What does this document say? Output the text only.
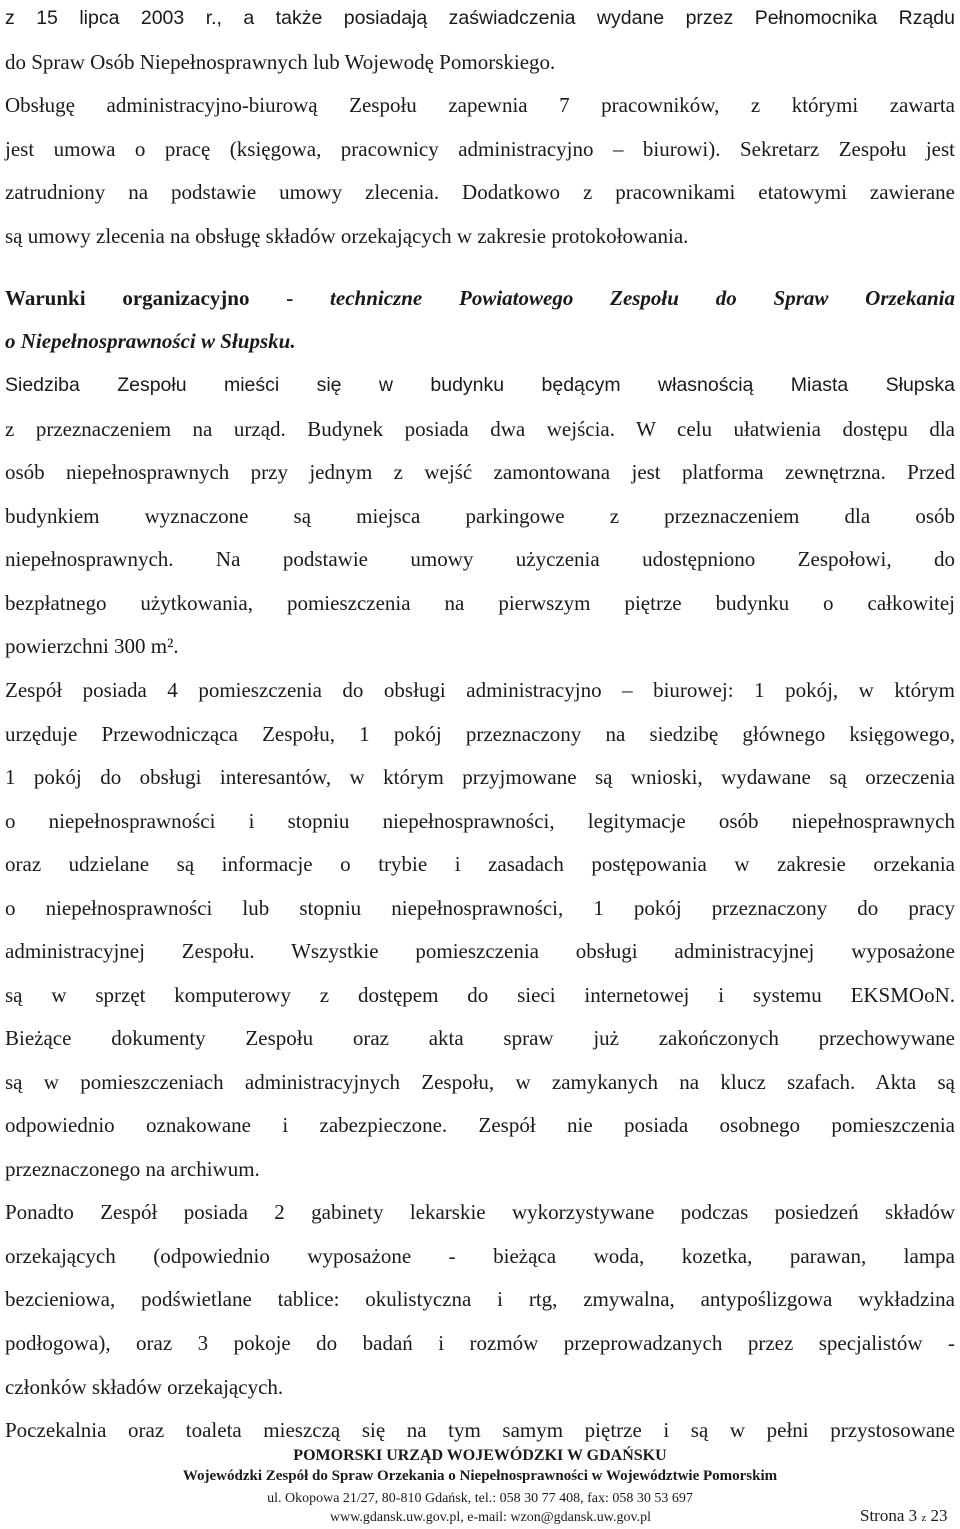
z 15 lipca 2003 r., a także posiadają zaświadczenia wydane przez Pełnomocnika Rządu
do Spraw Osób Niepełnosprawnych lub Wojewodę Pomorskiego.
Obsługę administracyjno-biurową Zespołu zapewnia 7 pracowników, z którymi zawarta
jest umowa o pracę (księgowa, pracownicy administracyjno – biurowi). Sekretarz Zespołu jest
zatrudniony na podstawie umowy zlecenia. Dodatkowo z pracownikami etatowymi zawierane
są umowy zlecenia na obsługę składów orzekających w zakresie protokołowania.
Warunki organizacyjno - techniczne Powiatowego Zespołu do Spraw Orzekania
o Niepełnosprawności w Słupsku.
Siedziba Zespołu mieści się w budynku będącym własnością Miasta Słupska
z przeznaczeniem na urząd. Budynek posiada dwa wejścia. W celu ułatwienia dostępu dla
osób niepełnosprawnych przy jednym z wejść zamontowana jest platforma zewnętrzna. Przed
budynkiem wyznaczone są miejsca parkingowe z przeznaczeniem dla osób
niepełnosprawnych. Na podstawie umowy użyczenia udostępniono Zespołowi, do
bezpłatnego użytkowania, pomieszczenia na pierwszym piętrze budynku o całkowitej
powierzchni 300 m².
Zespół posiada 4 pomieszczenia do obsługi administracyjno – biurowej: 1 pokój, w którym
urzęduje Przewodnicząca Zespołu, 1 pokój przeznaczony na siedzibę głównego księgowego,
1 pokój do obsługi interesantów, w którym przyjmowane są wnioski, wydawane są orzeczenia
o niepełnosprawności i stopniu niepełnosprawności, legitymacje osób niepełnosprawnych
oraz udzielane są informacje o trybie i zasadach postępowania w zakresie orzekania
o niepełnosprawności lub stopniu niepełnosprawności, 1 pokój przeznaczony do pracy
administracyjnej Zespołu. Wszystkie pomieszczenia obsługi administracyjnej wyposażone
są w sprzęt komputerowy z dostępem do sieci internetowej i systemu EKSMOoN.
Bieżące dokumenty Zespołu oraz akta spraw już zakończonych przechowywane
są w pomieszczeniach administracyjnych Zespołu, w zamykanych na klucz szafach. Akta są
odpowiednio oznakowane i zabezpieczone. Zespół nie posiada osobnego pomieszczenia
przeznaczonego na archiwum.
Ponadto Zespół posiada 2 gabinety lekarskie wykorzystywane podczas posiedzeń składów
orzekających (odpowiednio wyposażone - bieżąca woda, kozetka, parawan, lampa
bezcieniowa, podświetlane tablice: okulistyczna i rtg, zmywalna, antypoślizgowa wykładzina
podłogowa), oraz 3 pokoje do badań i rozmów przeprowadzanych przez specjalistów -
członków składów orzekających.
Poczekalnia oraz toaleta mieszczą się na tym samym piętrze i są w pełni przystosowane
POMORSKI URZĄD WOJEWÓDZKI W GDAŃSKU
Wojewódzki Zespół do Spraw Orzekania o Niepełnosprawności w Województwie Pomorskim
ul. Okopowa 21/27, 80-810 Gdańsk, tel.: 058 30 77 408, fax: 058 30 53 697
www.gdansk.uw.gov.pl, e-mail: wzon@gdansk.uw.gov.pl	Strona 3 z 23
